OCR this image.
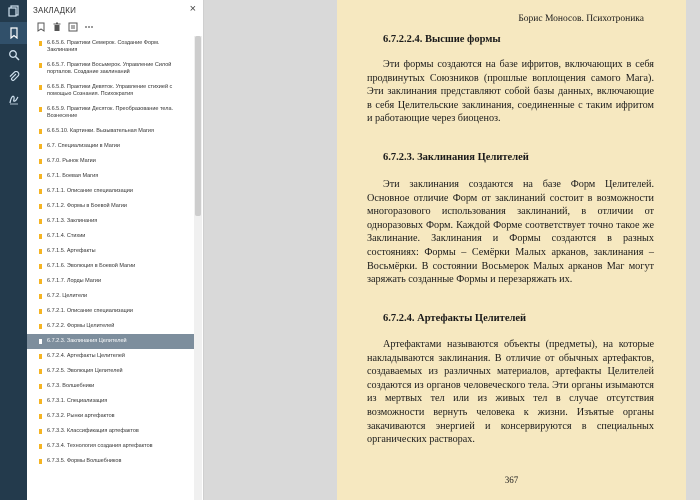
ЗАКЛАДКИ	×
6.6.5.6. Практики Семерок. Создание Форм. Заклинания
6.6.5.7. Практики Восьмерок. Управление Силой порталов. Создание заклинаний
6.6.5.8. Практики Девяток. Управление стихией с помощью Сознания. Психократия
6.6.5.9. Практики Десяток. Преобразование тела. Вознесение
6.6.5.10. Картинки. Вызывательная Магия
6.7. Специализации в Магии
6.7.0. Рынок Магии
6.7.1. Боевая Магия
6.7.1.1. Описание специализации
6.7.1.2. Формы в Боевой Магии
6.7.1.3. Заклинания
6.7.1.4. Стихии
6.7.1.5. Артефакты
6.7.1.6. Эволюция в Боевой Магии
6.7.1.7. Лорды Магии
6.7.2. Целители
6.7.2.1. Описание специализации
6.7.2.2. Формы Целителей
6.7.2.3. Заклинания Целителей
6.7.2.4. Артефакты Целителей
6.7.2.5. Эволюция Целителей
6.7.3. Волшебники
6.7.3.1. Специализация
6.7.3.2. Рынки артефактов
6.7.3.3. Классификация артефактов
6.7.3.4. Технология создания артефактов
6.7.3.5. Формы Волшебников
Борис Моносов. Психотроника
6.7.2.2.4. Высшие формы
Эти формы создаются на базе ифритов, включающих в себя продвинутых Союзников (прошлые воплощения самого Мага). Эти заклинания представляют собой базы данных, включающие в себя Целительские заклинания, соединенные с таким ифритом и работающие через биоценоз.
6.7.2.3. Заклинания Целителей
Эти заклинания создаются на базе Форм Целителей. Основное отличие Форм от заклинаний состоит в возможности многоразового использования заклинаний, в отличии от одноразовых Форм. Каждой Форме соответствует точно такое же Заклинание. Заклинания и Формы создаются в разных состояниях: Формы – Семёрки Малых арканов, заклинания – Восьмёрки. В состоянии Восьмерок Малых арканов Маг могут заряжать созданные Формы и перезаряжать их.
6.7.2.4. Артефакты Целителей
Артефактами называются объекты (предметы), на которые накладываются заклинания. В отличие от обычных артефактов, создаваемых из различных материалов, артефакты Целителей создаются из органов человеческого тела. Эти органы изымаются из мертвых тел или из живых тел в случае отсутствия возможности вернуть человека к жизни. Изъятые органы закачиваются энергией и консервируются в специальных органических растворах.
367
